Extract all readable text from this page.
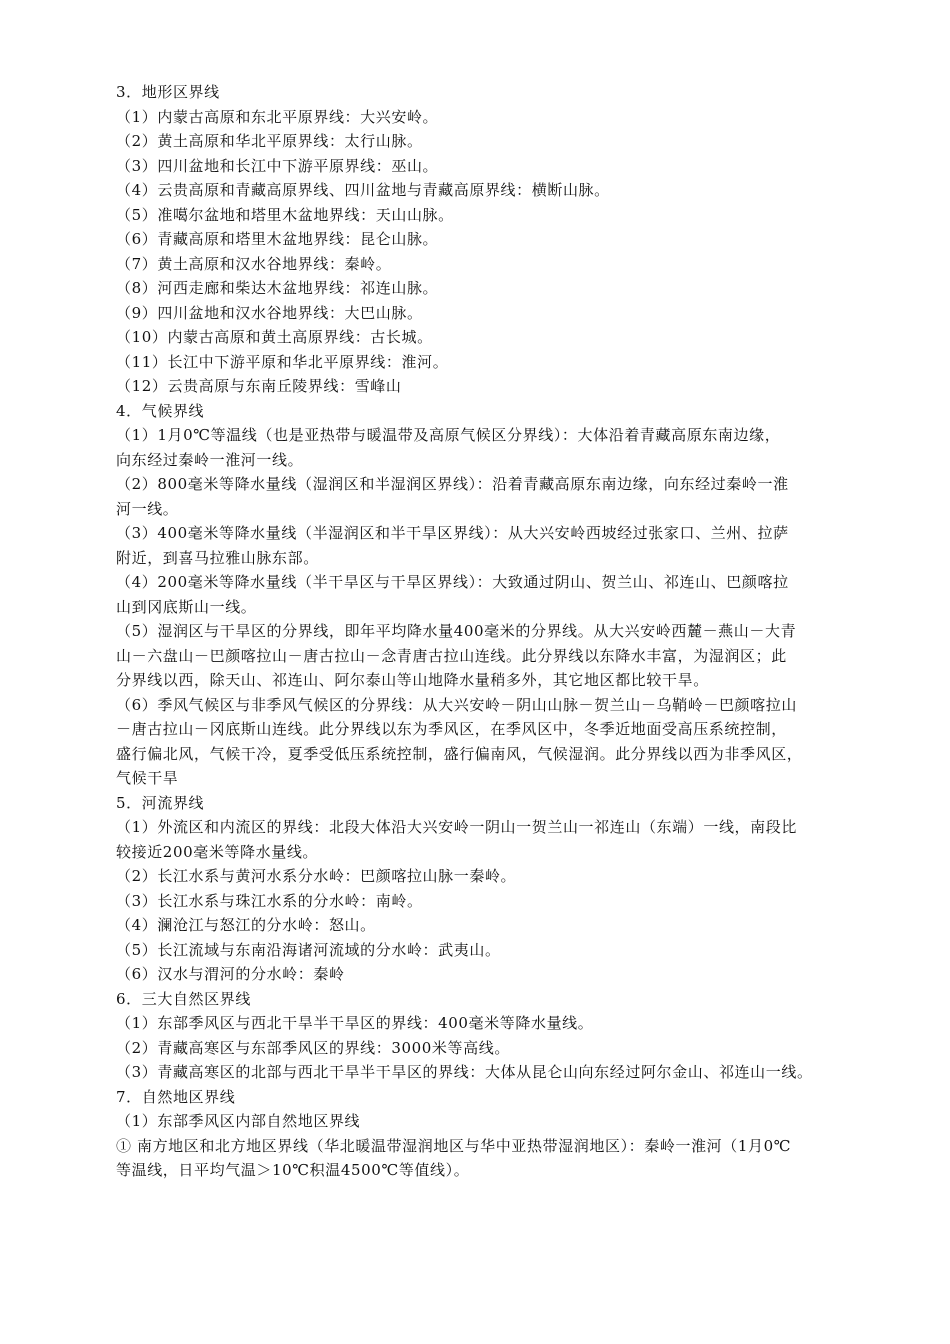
3．地形区界线
（1）内蒙古高原和东北平原界线：大兴安岭。
（2）黄土高原和华北平原界线：太行山脉。
（3）四川盆地和长江中下游平原界线：巫山。
（4）云贵高原和青藏高原界线、四川盆地与青藏高原界线：横断山脉。
（5）准噶尔盆地和塔里木盆地界线：天山山脉。
（6）青藏高原和塔里木盆地界线：昆仑山脉。
（7）黄土高原和汉水谷地界线：秦岭。
（8）河西走廊和柴达木盆地界线：祁连山脉。
（9）四川盆地和汉水谷地界线：大巴山脉。
（10）内蒙古高原和黄土高原界线：古长城。
（11）长江中下游平原和华北平原界线：淮河。
（12）云贵高原与东南丘陵界线：雪峰山
4．气候界线
（1）1月0℃等温线（也是亚热带与暖温带及高原气候区分界线）：大体沿着青藏高原东南边缘，
向东经过秦岭一淮河一线。
（2）800毫米等降水量线（湿润区和半湿润区界线）：沿着青藏高原东南边缘，向东经过秦岭一淮
河一线。
（3）400毫米等降水量线（半湿润区和半干旱区界线）：从大兴安岭西坡经过张家口、兰州、拉萨
附近，到喜马拉雅山脉东部。
（4）200毫米等降水量线（半干旱区与干旱区界线）：大致通过阴山、贺兰山、祁连山、巴颜喀拉
山到冈底斯山一线。
（5）湿润区与干旱区的分界线，即年平均降水量400毫米的分界线。从大兴安岭西麓－燕山－大青
山－六盘山－巴颜喀拉山－唐古拉山－念青唐古拉山连线。此分界线以东降水丰富，为湿润区；此
分界线以西，除天山、祁连山、阿尔泰山等山地降水量稍多外，其它地区都比较干旱。
（6）季风气候区与非季风气候区的分界线：从大兴安岭－阴山山脉－贺兰山－乌鞘岭－巴颜喀拉山
－唐古拉山－冈底斯山连线。此分界线以东为季风区，在季风区中，冬季近地面受高压系统控制，
盛行偏北风，气候干冷，夏季受低压系统控制，盛行偏南风，气候湿润。此分界线以西为非季风区，
气候干旱
5．河流界线
（1）外流区和内流区的界线：北段大体沿大兴安岭一阴山一贺兰山一祁连山（东端）一线，南段比
较接近200毫米等降水量线。
（2）长江水系与黄河水系分水岭：巴颜喀拉山脉一秦岭。
（3）长江水系与珠江水系的分水岭：南岭。
（4）澜沧江与怒江的分水岭：怒山。
（5）长江流域与东南沿海诸河流域的分水岭：武夷山。
（6）汉水与渭河的分水岭：秦岭
6．三大自然区界线
（1）东部季风区与西北干旱半干旱区的界线：400毫米等降水量线。
（2）青藏高寒区与东部季风区的界线：3000米等高线。
（3）青藏高寒区的北部与西北干旱半干旱区的界线：大体从昆仑山向东经过阿尔金山、祁连山一线。
7．自然地区界线
（1）东部季风区内部自然地区界线
① 南方地区和北方地区界线（华北暖温带湿润地区与华中亚热带湿润地区）：秦岭一淮河（1月0℃
等温线，日平均气温＞10℃积温4500℃等值线）。
